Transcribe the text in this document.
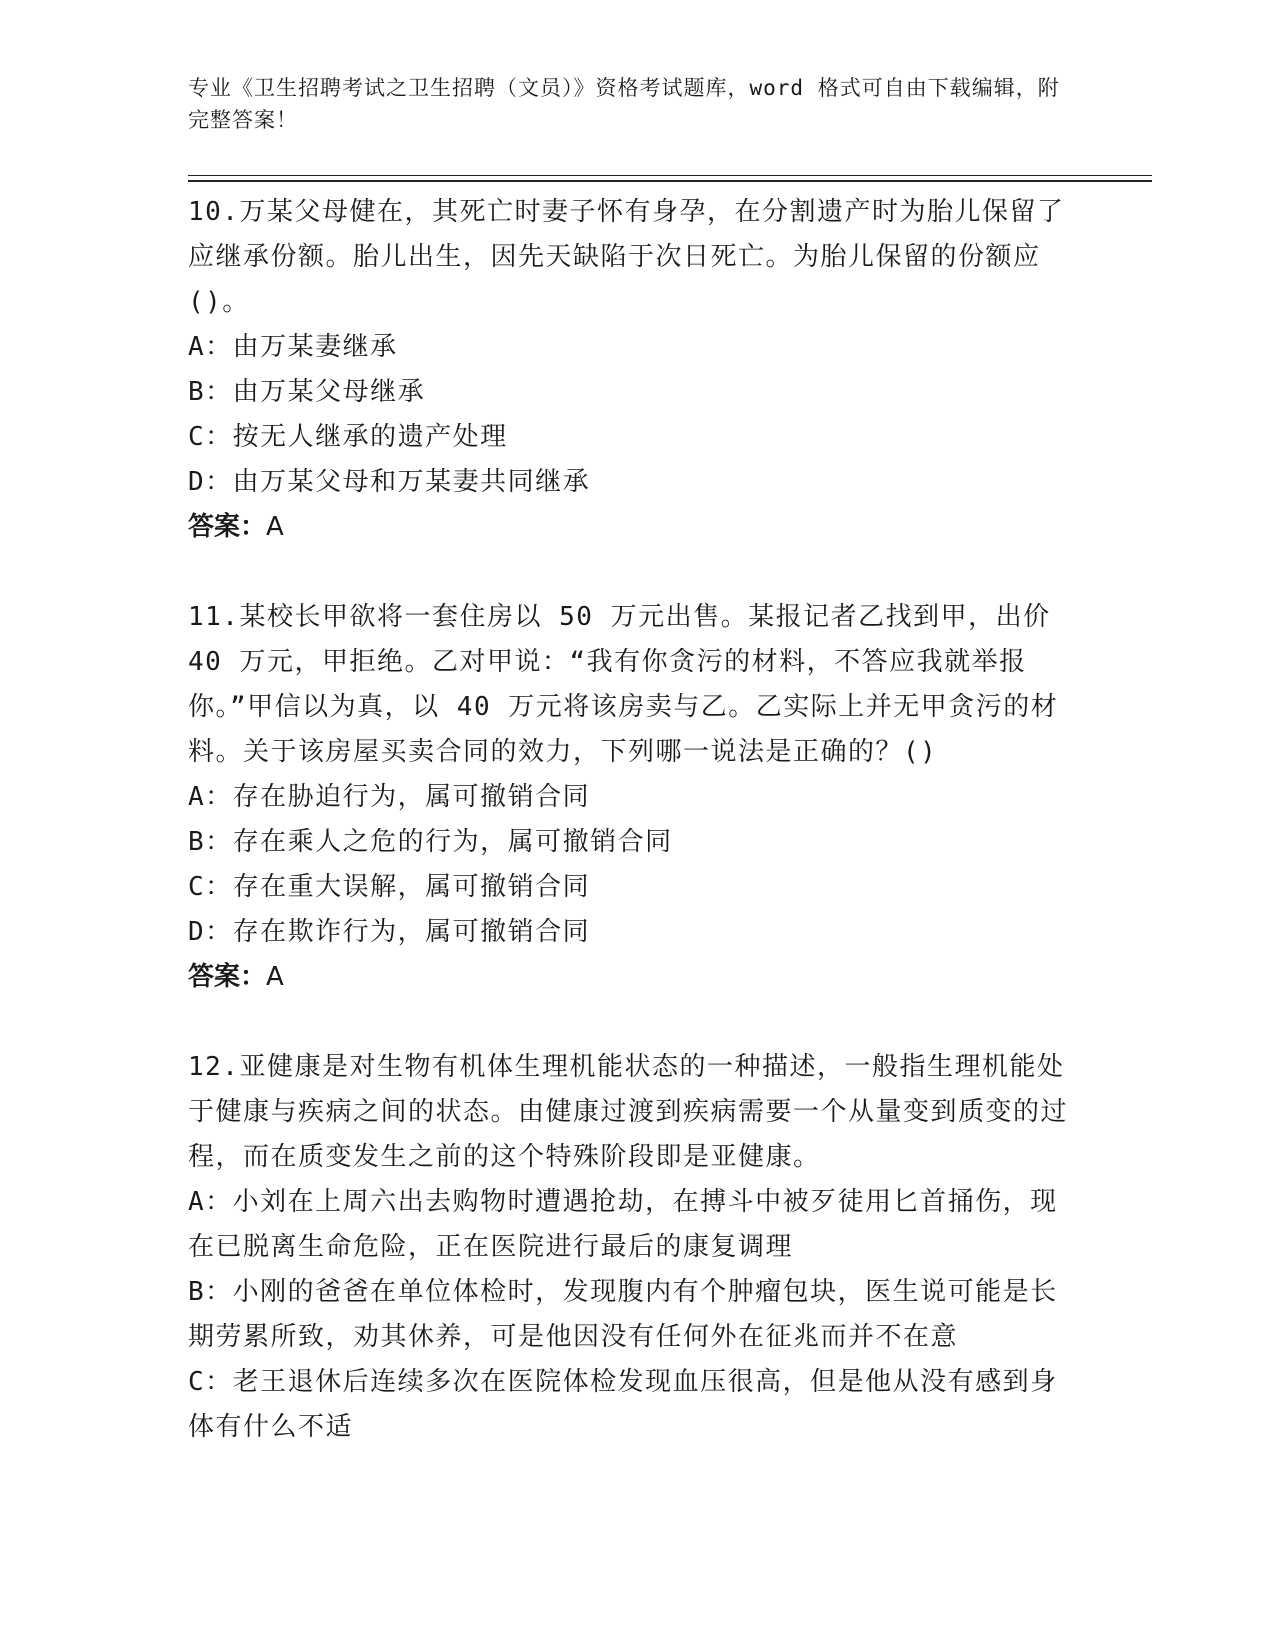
专业《卫生招聘考试之卫生招聘（文员）》资格考试题库，word 格式可自由下载编辑，附完整答案！

10.万某父母健在，其死亡时妻子怀有身孕，在分割遗产时为胎儿保留了应继承份额。胎儿出生，因先天缺陷于次日死亡。为胎儿保留的份额应()。

A：由万某妻继承

B：由万某父母继承

C：按无人继承的遗产处理

D：由万某父母和万某妻共同继承

答案：A

11.某校长甲欲将一套住房以 50 万元出售。某报记者乙找到甲，出价 40 万元，甲拒绝。乙对甲说：“我有你贪污的材料，不答应我就举报你。”甲信以为真，以 40 万元将该房卖与乙。乙实际上并无甲贪污的材料。关于该房屋买卖合同的效力，下列哪一说法是正确的？()

A：存在胁迫行为，属可撤销合同

B：存在乘人之危的行为，属可撤销合同

C：存在重大误解，属可撤销合同

D：存在欺诈行为，属可撤销合同

答案：A

12.亚健康是对生物有机体生理机能状态的一种描述，一般指生理机能处于健康与疾病之间的状态。由健康过渡到疾病需要一个从量变到质变的过程，而在质变发生之前的这个特殊阶段即是亚健康。

A：小刘在上周六出去购物时遭遇抢劫，在搏斗中被歹徒用匕首捅伤，现在已脱离生命危险，正在医院进行最后的康复调理

B：小刚的爸爸在单位体检时，发现腹内有个肿瘤包块，医生说可能是长期劳累所致，劝其休养，可是他因没有任何外在征兆而并不在意

C：老王退休后连续多次在医院体检发现血压很高，但是他从没有感到身体有什么不适
